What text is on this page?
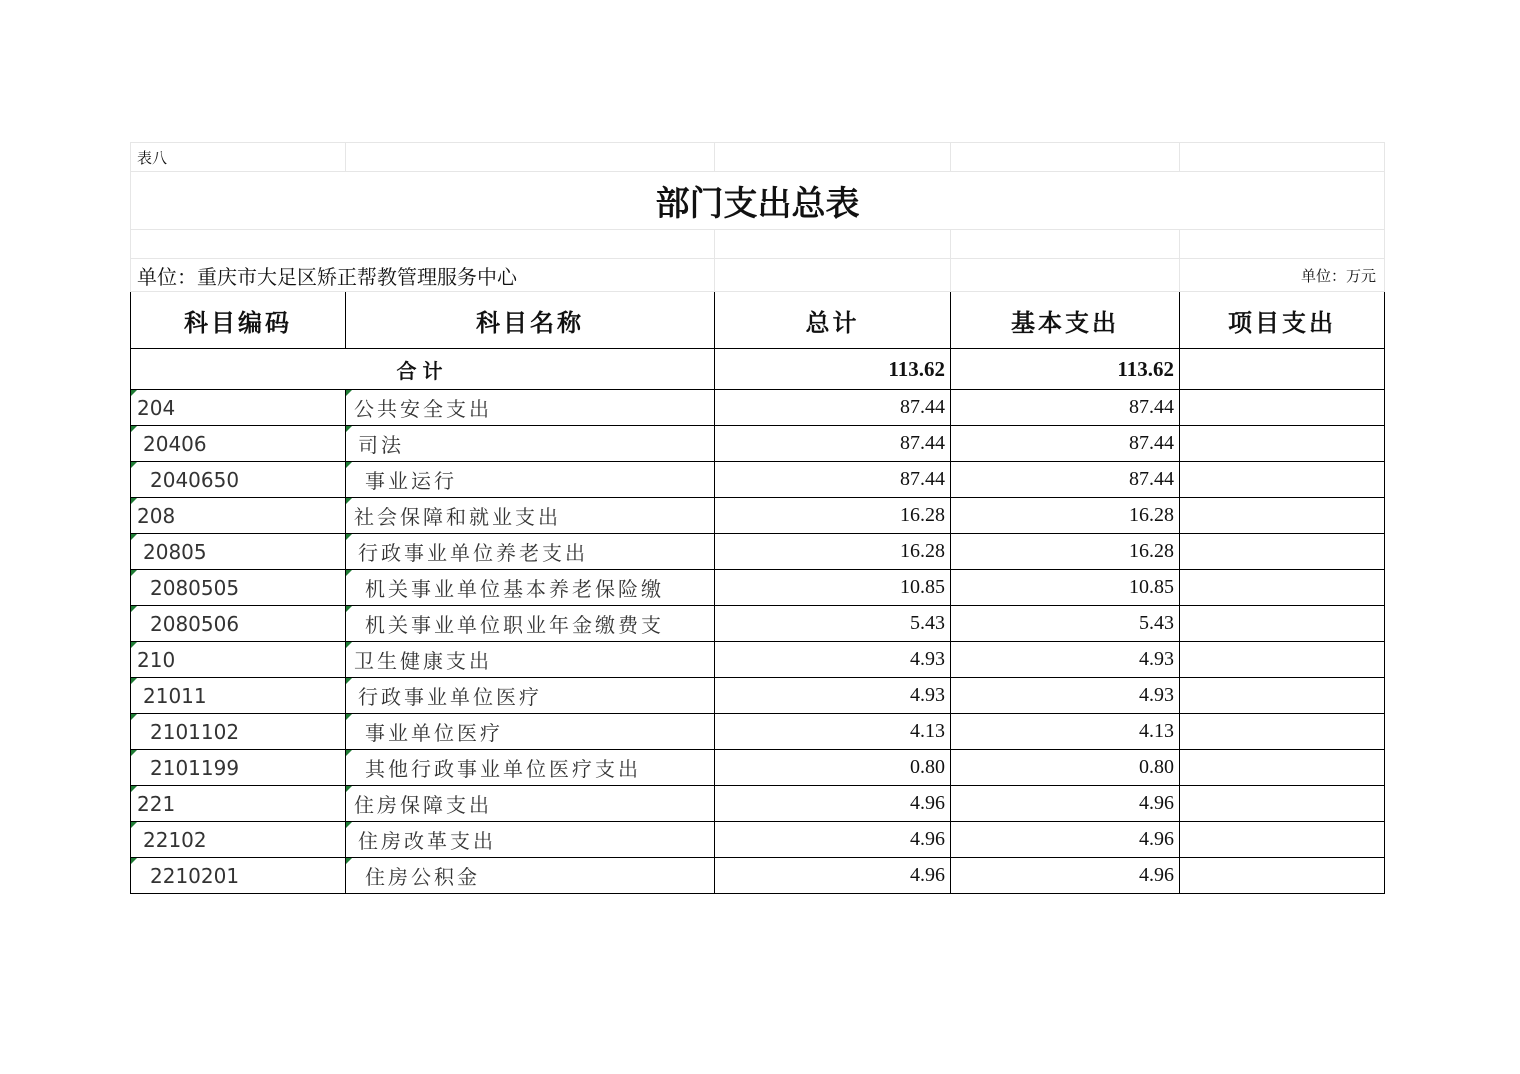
表八				
部门支出总表				

单位：重庆市大足区矫正帮教管理服务中心				单位：万元
科目编码	科目名称	总计	基本支出	项目支出
合计		113.62	113.62	
204	公共安全支出	87.44	87.44	
20406	司法	87.44	87.44	
2040650	事业运行	87.44	87.44	
208	社会保障和就业支出	16.28	16.28	
20805	行政事业单位养老支出	16.28	16.28	
2080505	机关事业单位基本养老保险缴	10.85	10.85	
2080506	机关事业单位职业年金缴费支	5.43	5.43	
210	卫生健康支出	4.93	4.93	
21011	行政事业单位医疗	4.93	4.93	
2101102	事业单位医疗	4.13	4.13	
2101199	其他行政事业单位医疗支出	0.80	0.80	
221	住房保障支出	4.96	4.96	
22102	住房改革支出	4.96	4.96	
2210201	住房公积金	4.96	4.96	
